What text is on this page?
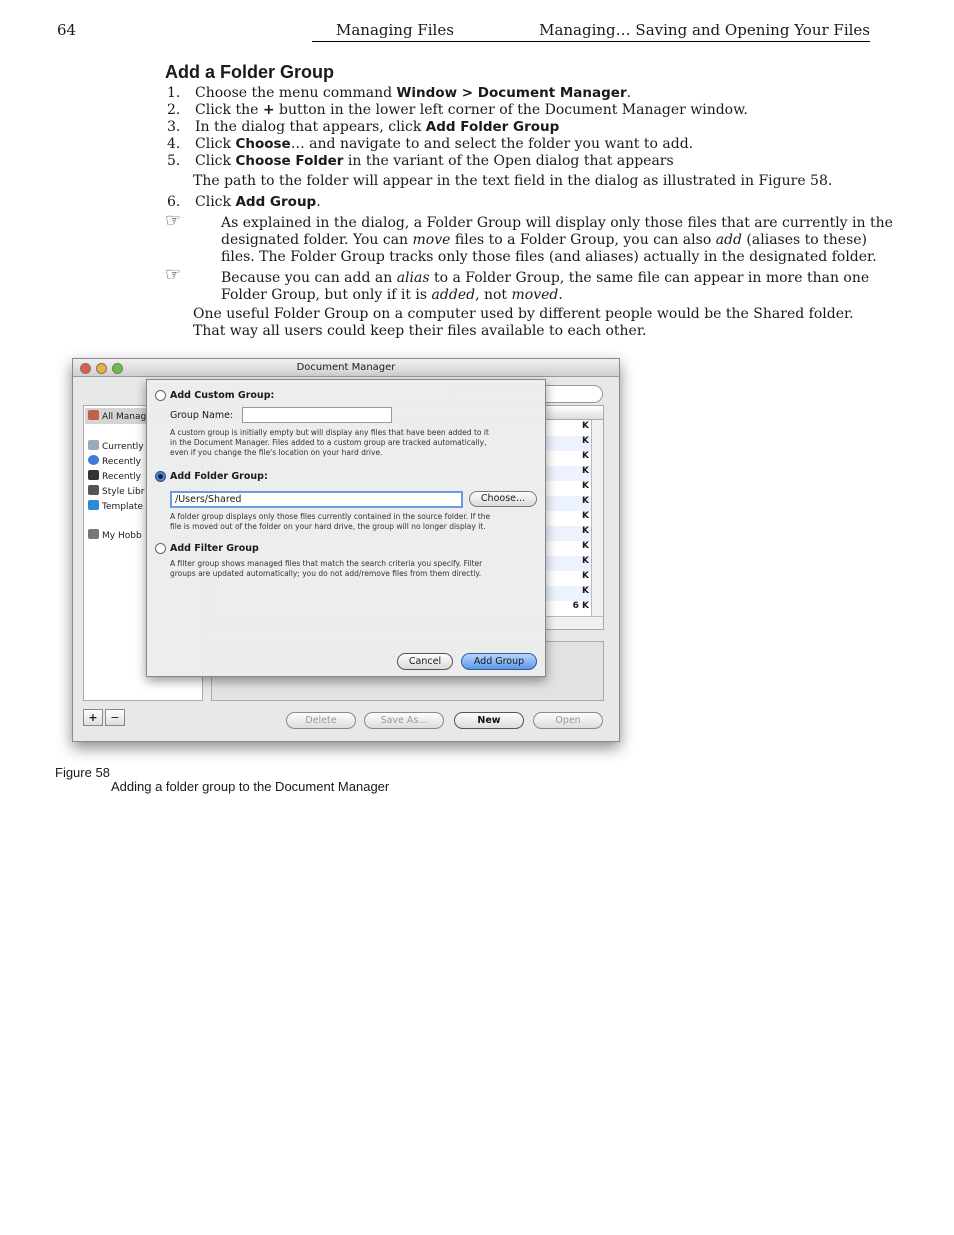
64	Managing Files	Managing… Saving and Opening Your Files
Add a Folder Group
1. Choose the menu command Window > Document Manager.
2. Click the + button in the lower left corner of the Document Manager window.
3. In the dialog that appears, click Add Folder Group
4. Click Choose… and navigate to and select the folder you want to add.
5. Click Choose Folder in the variant of the Open dialog that appears
The path to the folder will appear in the text field in the dialog as illustrated in Figure 58.
6. Click Add Group.
☞	As explained in the dialog, a Folder Group will display only those files that are currently in the
designated folder. You can move files to a Folder Group, you can also add (aliases to these)
files. The Folder Group tracks only those files (and aliases) actually in the designated folder.
☞	Because you can add an alias to a Folder Group, the same file can appear in more than one
Folder Group, but only if it is added, not moved.
One useful Folder Group on a computer used by different people would be the Shared folder.
That way all users could keep their files available to each other.
Document Manager
All Manag
Currently
Recently
Recently
Style Libr
Template
My Hobb
K
K
K
K
K
K
K
K
K
K
K
K
6 K
+	−	Delete	Save As...	New	Open
Add Custom Group:
Group Name:
A custom group is initially empty but will display any files that have been added to it
in the Document Manager. Files added to a custom group are tracked automatically,
even if you change the file's location on your hard drive.
Add Folder Group:
/Users/Shared	Choose...
A folder group displays only those files currently contained in the source folder. If the
file is moved out of the folder on your hard drive, the group will no longer display it.
Add Filter Group
A filter group shows managed files that match the search criteria you specify. Filter
groups are updated automatically; you do not add/remove files from them directly.
Cancel	Add Group
Figure 58
Adding a folder group to the Document Manager
